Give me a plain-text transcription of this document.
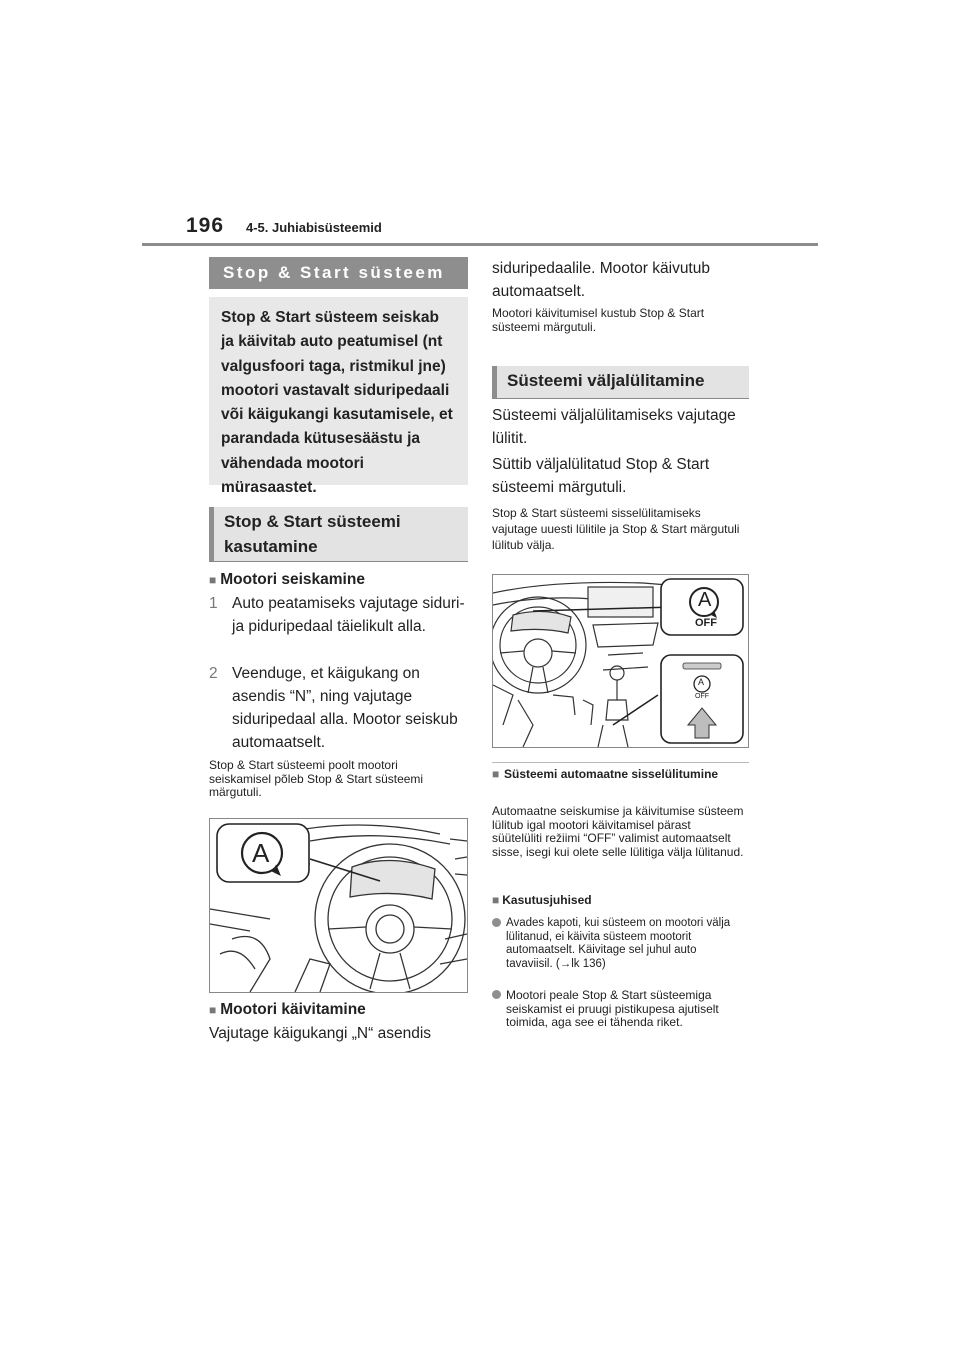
196 4-5. Juhiabisüsteemid
Stop & Start süsteem
Stop & Start süsteem seiskab ja käivitab auto peatumisel (nt valgusfoori taga, ristmikul jne) mootori vastavalt siduripedaali või käigukangi kasutamisele, et parandada kütusesäästu ja vähendada mootori mürasaastet.
Stop & Start süsteemi kasutamine
■ Mootori seiskamine
1 Auto peatamiseks vajutage siduri- ja piduripedaal täielikult alla.
2 Veenduge, et käigukang on asendis “N”, ning vajutage siduripedaal alla. Mootor seiskub automaatselt.
Stop & Start süsteemi poolt mootori seiskamisel põleb Stop & Start süsteemi märgutuli.
A
■ Mootori käivitamine
Vajutage käigukangi „N“ asendis
siduripedaalile. Mootor käivutub automaatselt.
Mootori käivitumisel kustub Stop & Start süsteemi märgutuli.
Süsteemi väljalülitamine
Süsteemi väljalülitamiseks vajutage lülitit.
Süttib väljalülitatud Stop & Start süsteemi märgutuli.
Stop & Start süsteemi sisselülitamiseks vajutage uuesti lülitile ja Stop & Start märgutuli lülitub välja.
A
OFF
A
OFF
■ Süsteemi automaatne sisselülitumine
Automaatne seiskumise ja käivitumise süsteem lülitub igal mootori käivitamisel pärast süütelüliti režiimi “OFF” valimist automaatselt sisse, isegi kui olete selle lülitiga välja lülitanud.
■ Kasutusjuhised
Avades kapoti, kui süsteem on mootori välja lülitanud, ei käivita süsteem mootorit automaatselt. Käivitage sel juhul auto tavaviisil. (→lk 136)
Mootori peale Stop & Start süsteemiga seiskamist ei pruugi pistikupesa ajutiselt toimida, aga see ei tähenda riket.
